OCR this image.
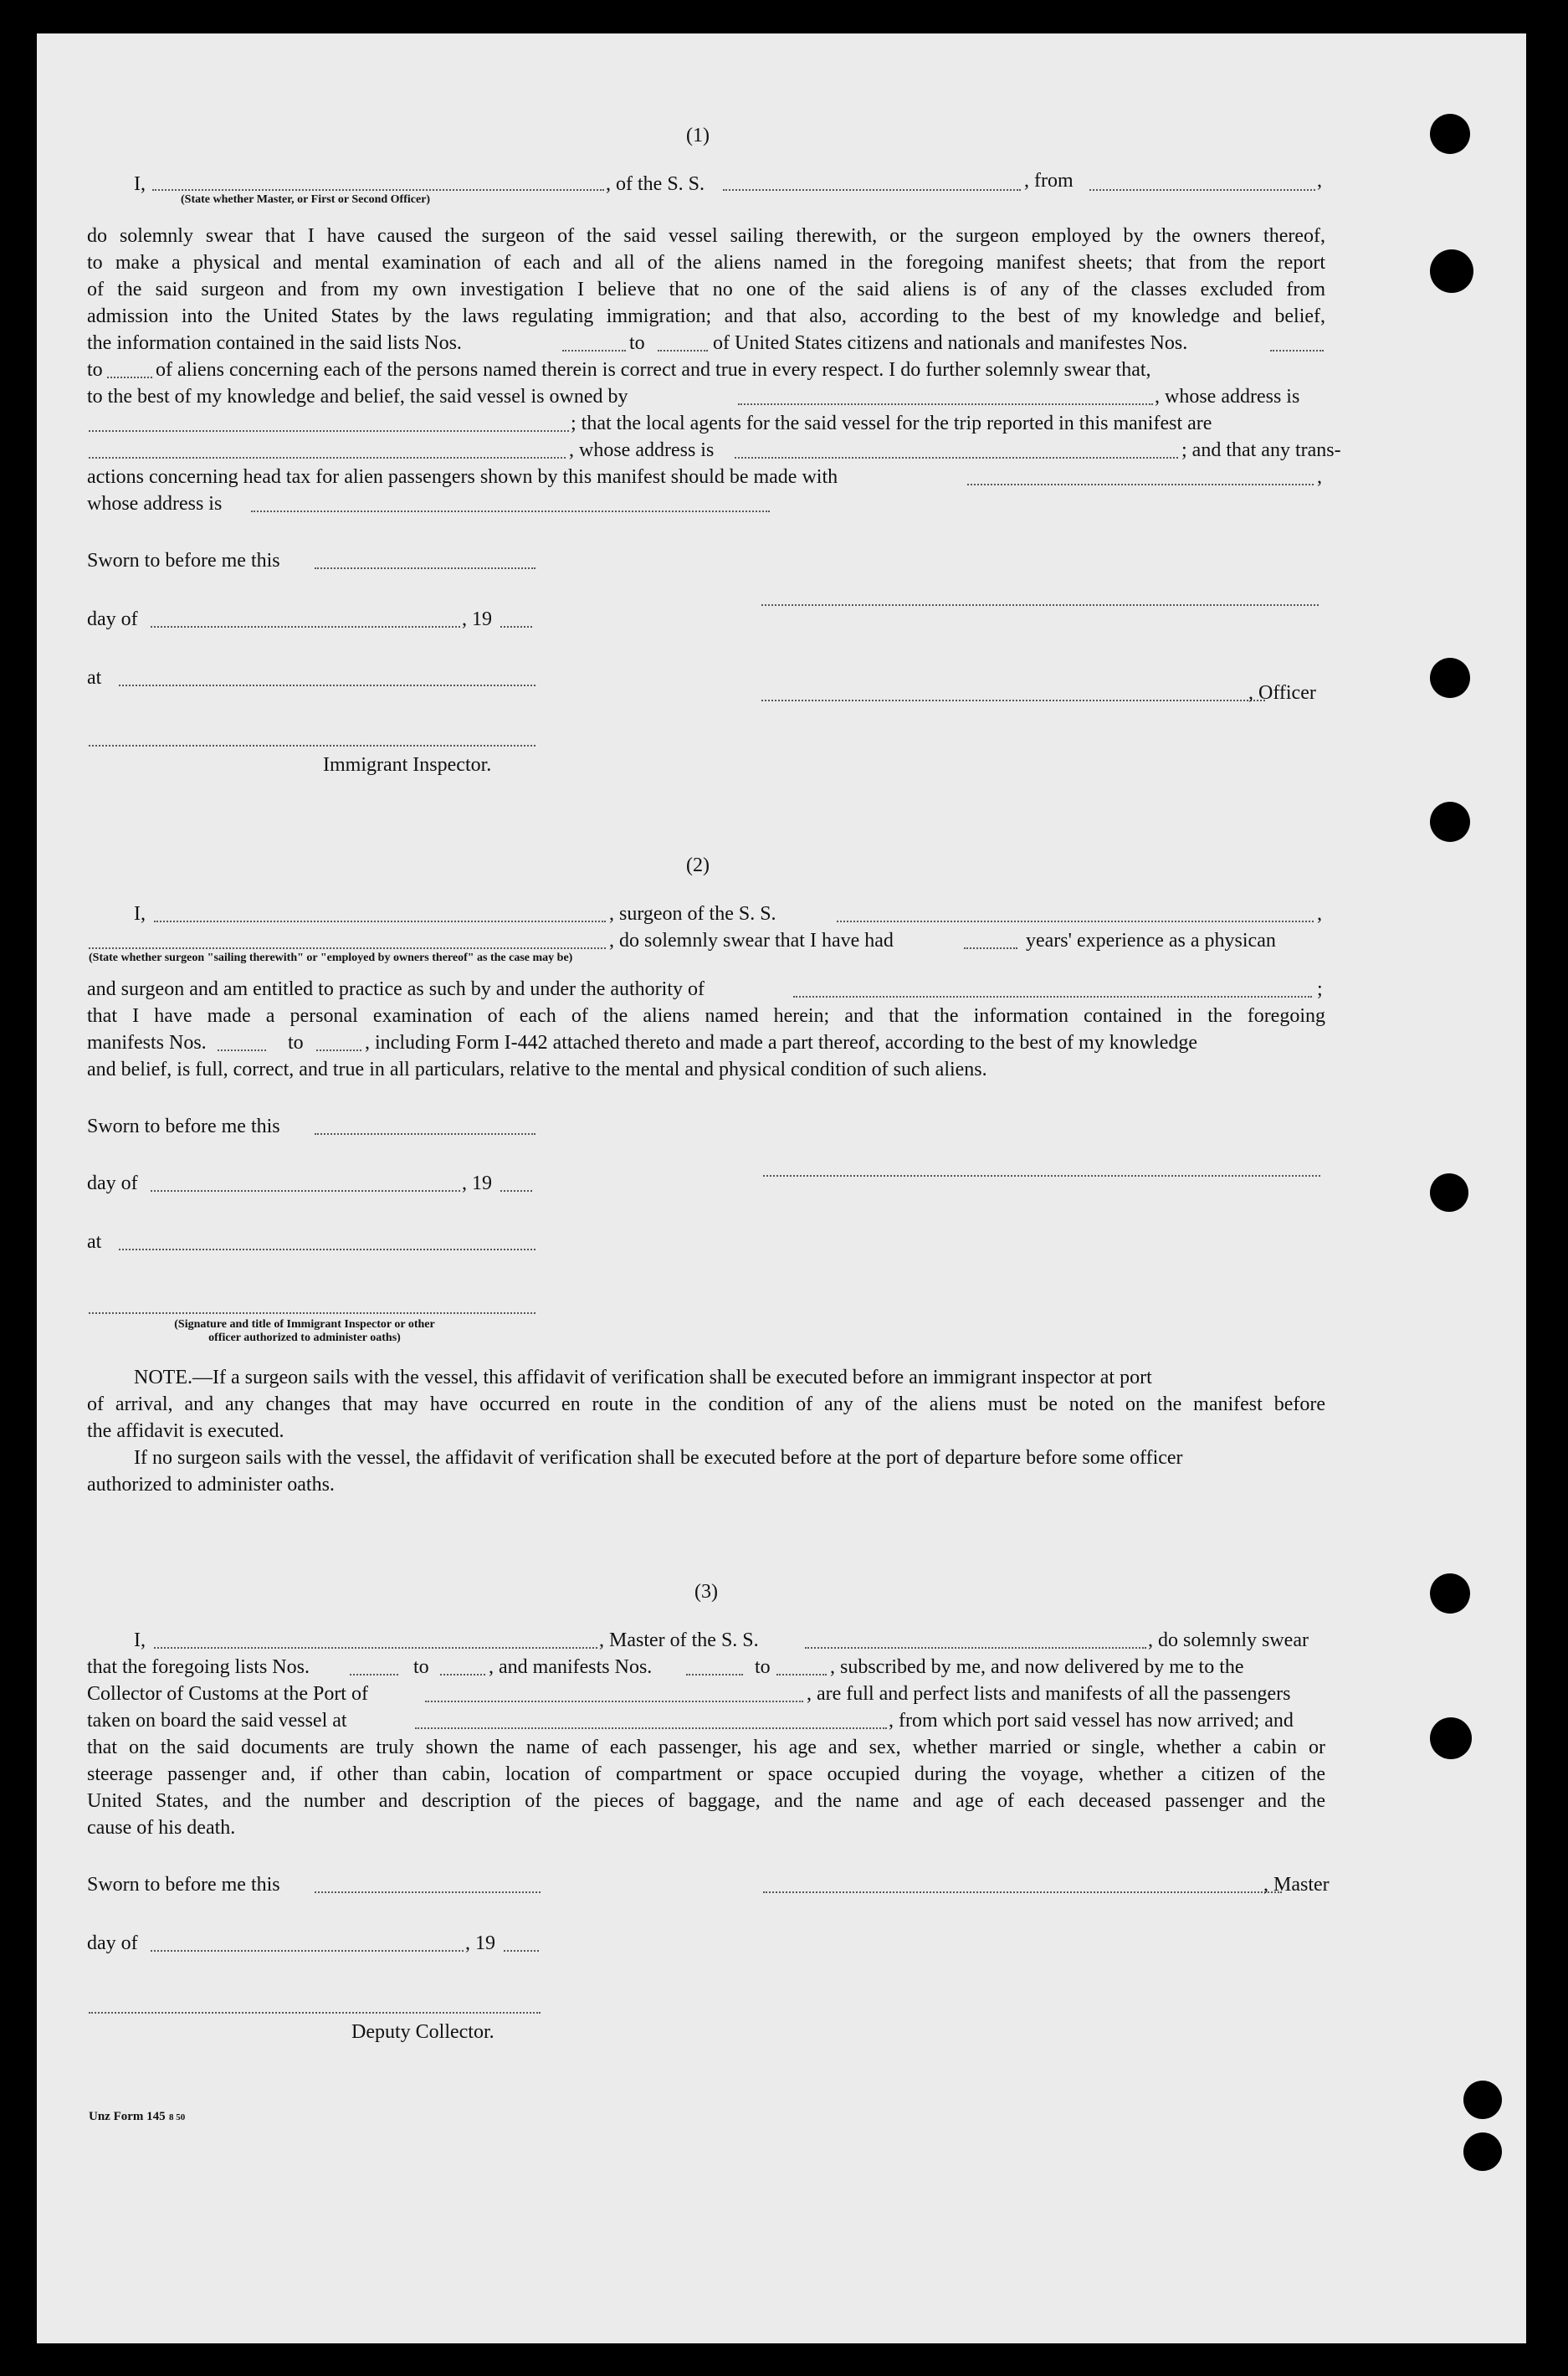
(1)
I,
(State whether Master, or First or Second Officer)
, of the S. S.	, from	,
do solemnly swear that I have caused the surgeon of the said vessel sailing therewith, or the surgeon employed by the owners thereof,
to make a physical and mental examination of each and all of the aliens named in the foregoing manifest sheets; that from the report
of the said surgeon and from my own investigation I believe that no one of the said aliens is of any of the classes excluded from
admission into the United States by the laws regulating immigration; and that also, according to the best of my knowledge and belief,
the information contained in the said lists Nos.	to	of United States citizens and nationals and manifestes Nos.
to	of aliens concerning each of the persons named therein is correct and true in every respect. I do further solemnly swear that,
to the best of my knowledge and belief, the said vessel is owned by	, whose address is
; that the local agents for the said vessel for the trip reported in this manifest are
, whose address is	; and that any trans-
actions concerning head tax for alien passengers shown by this manifest should be made with	,
whose address is
Sworn to before me this
day of	, 19
at
, Officer
Immigrant Inspector.
(2)
I,	, surgeon of the S. S.	,
(State whether surgeon "sailing therewith" or "employed by owners thereof" as the case may be)
, do solemnly swear that I have had	years' experience as a physican
and surgeon and am entitled to practice as such by and under the authority of	;
that I have made a personal examination of each of the aliens named herein; and that the information contained in the foregoing
manifests Nos.	to	, including Form I-442 attached thereto and made a part thereof, according to the best of my knowledge
and belief, is full, correct, and true in all particulars, relative to the mental and physical condition of such aliens.
Sworn to before me this
day of	, 19
at
(Signature and title of Immigrant Inspector or other
officer authorized to administer oaths)
NOTE.—If a surgeon sails with the vessel, this affidavit of verification shall be executed before an immigrant inspector at port
of arrival, and any changes that may have occurred en route in the condition of any of the aliens must be noted on the manifest before
the affidavit is executed.
If no surgeon sails with the vessel, the affidavit of verification shall be executed before at the port of departure before some officer
authorized to administer oaths.
(3)
I,	, Master of the S. S.	, do solemnly swear
that the foregoing lists Nos.	to	, and manifests Nos.	to	, subscribed by me, and now delivered by me to the
Collector of Customs at the Port of	, are full and perfect lists and manifests of all the passengers
taken on board the said vessel at	, from which port said vessel has now arrived; and
that on the said documents are truly shown the name of each passenger, his age and sex, whether married or single, whether a cabin or
steerage passenger and, if other than cabin, location of compartment or space occupied during the voyage, whether a citizen of the
United States, and the number and description of the pieces of baggage, and the name and age of each deceased passenger and the
cause of his death.
Sworn to before me this	, Master
day of	, 19
Deputy Collector.
Unz Form 145 8 50
